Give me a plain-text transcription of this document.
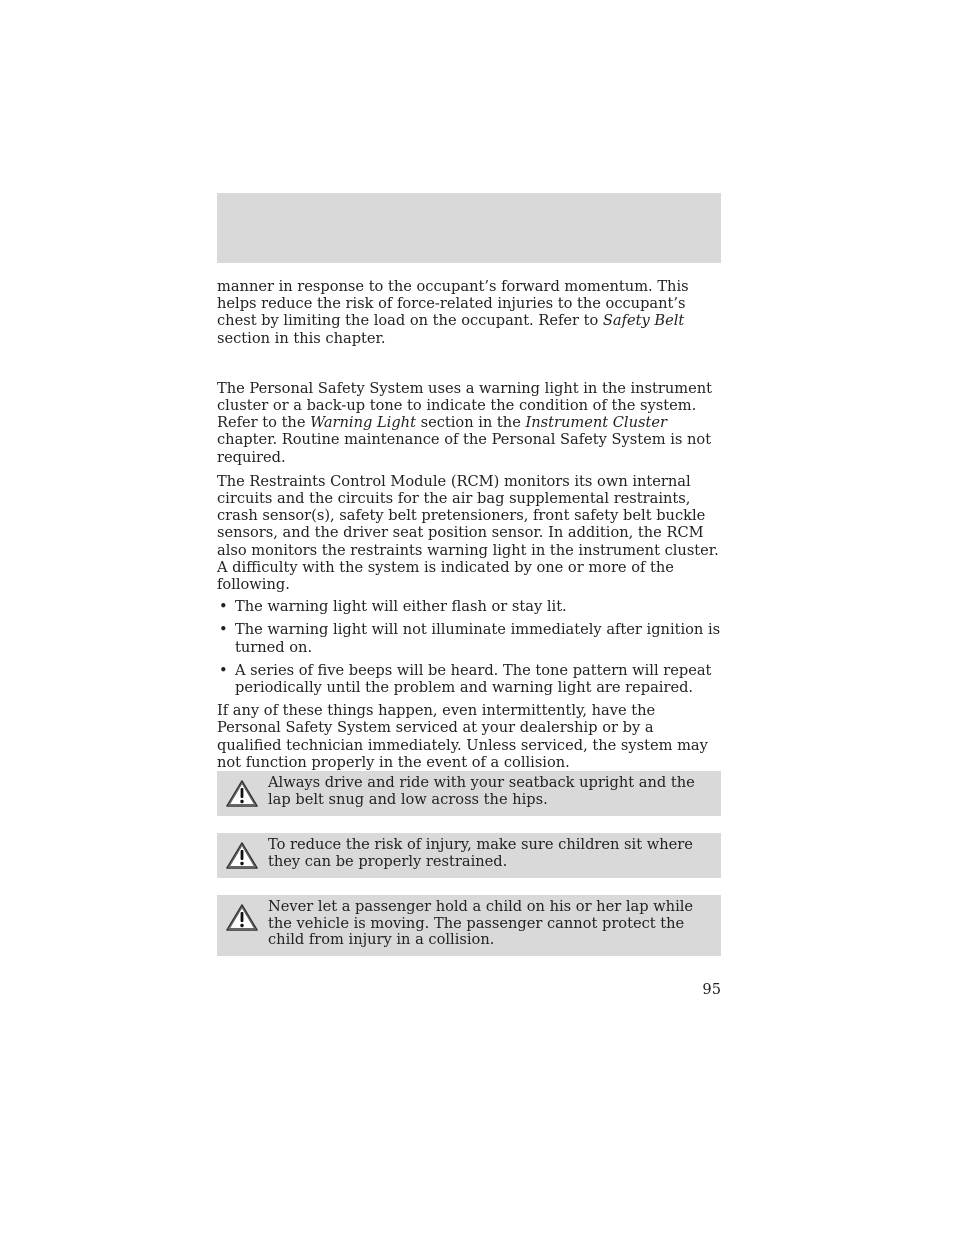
manner in response to the occupant’s forward momentum. This helps reduce the risk of force-related injuries to the occupant’s chest by limiting the load on the occupant. Refer to Safety Belt section in this chapter.

The Personal Safety System uses a warning light in the instrument cluster or a back-up tone to indicate the condition of the system. Refer to the Warning Light section in the Instrument Cluster chapter. Routine maintenance of the Personal Safety System is not required.

The Restraints Control Module (RCM) monitors its own internal circuits and the circuits for the air bag supplemental restraints, crash sensor(s), safety belt pretensioners, front safety belt buckle sensors, and the driver seat position sensor. In addition, the RCM also monitors the restraints warning light in the instrument cluster. A difficulty with the system is indicated by one or more of the following.

• The warning light will either flash or stay lit.
• The warning light will not illuminate immediately after ignition is turned on.
• A series of five beeps will be heard. The tone pattern will repeat periodically until the problem and warning light are repaired.

If any of these things happen, even intermittently, have the Personal Safety System serviced at your dealership or by a qualified technician immediately. Unless serviced, the system may not function properly in the event of a collision.

Always drive and ride with your seatback upright and the lap belt snug and low across the hips.
To reduce the risk of injury, make sure children sit where they can be properly restrained.
Never let a passenger hold a child on his or her lap while the vehicle is moving. The passenger cannot protect the child from injury in a collision.
95
